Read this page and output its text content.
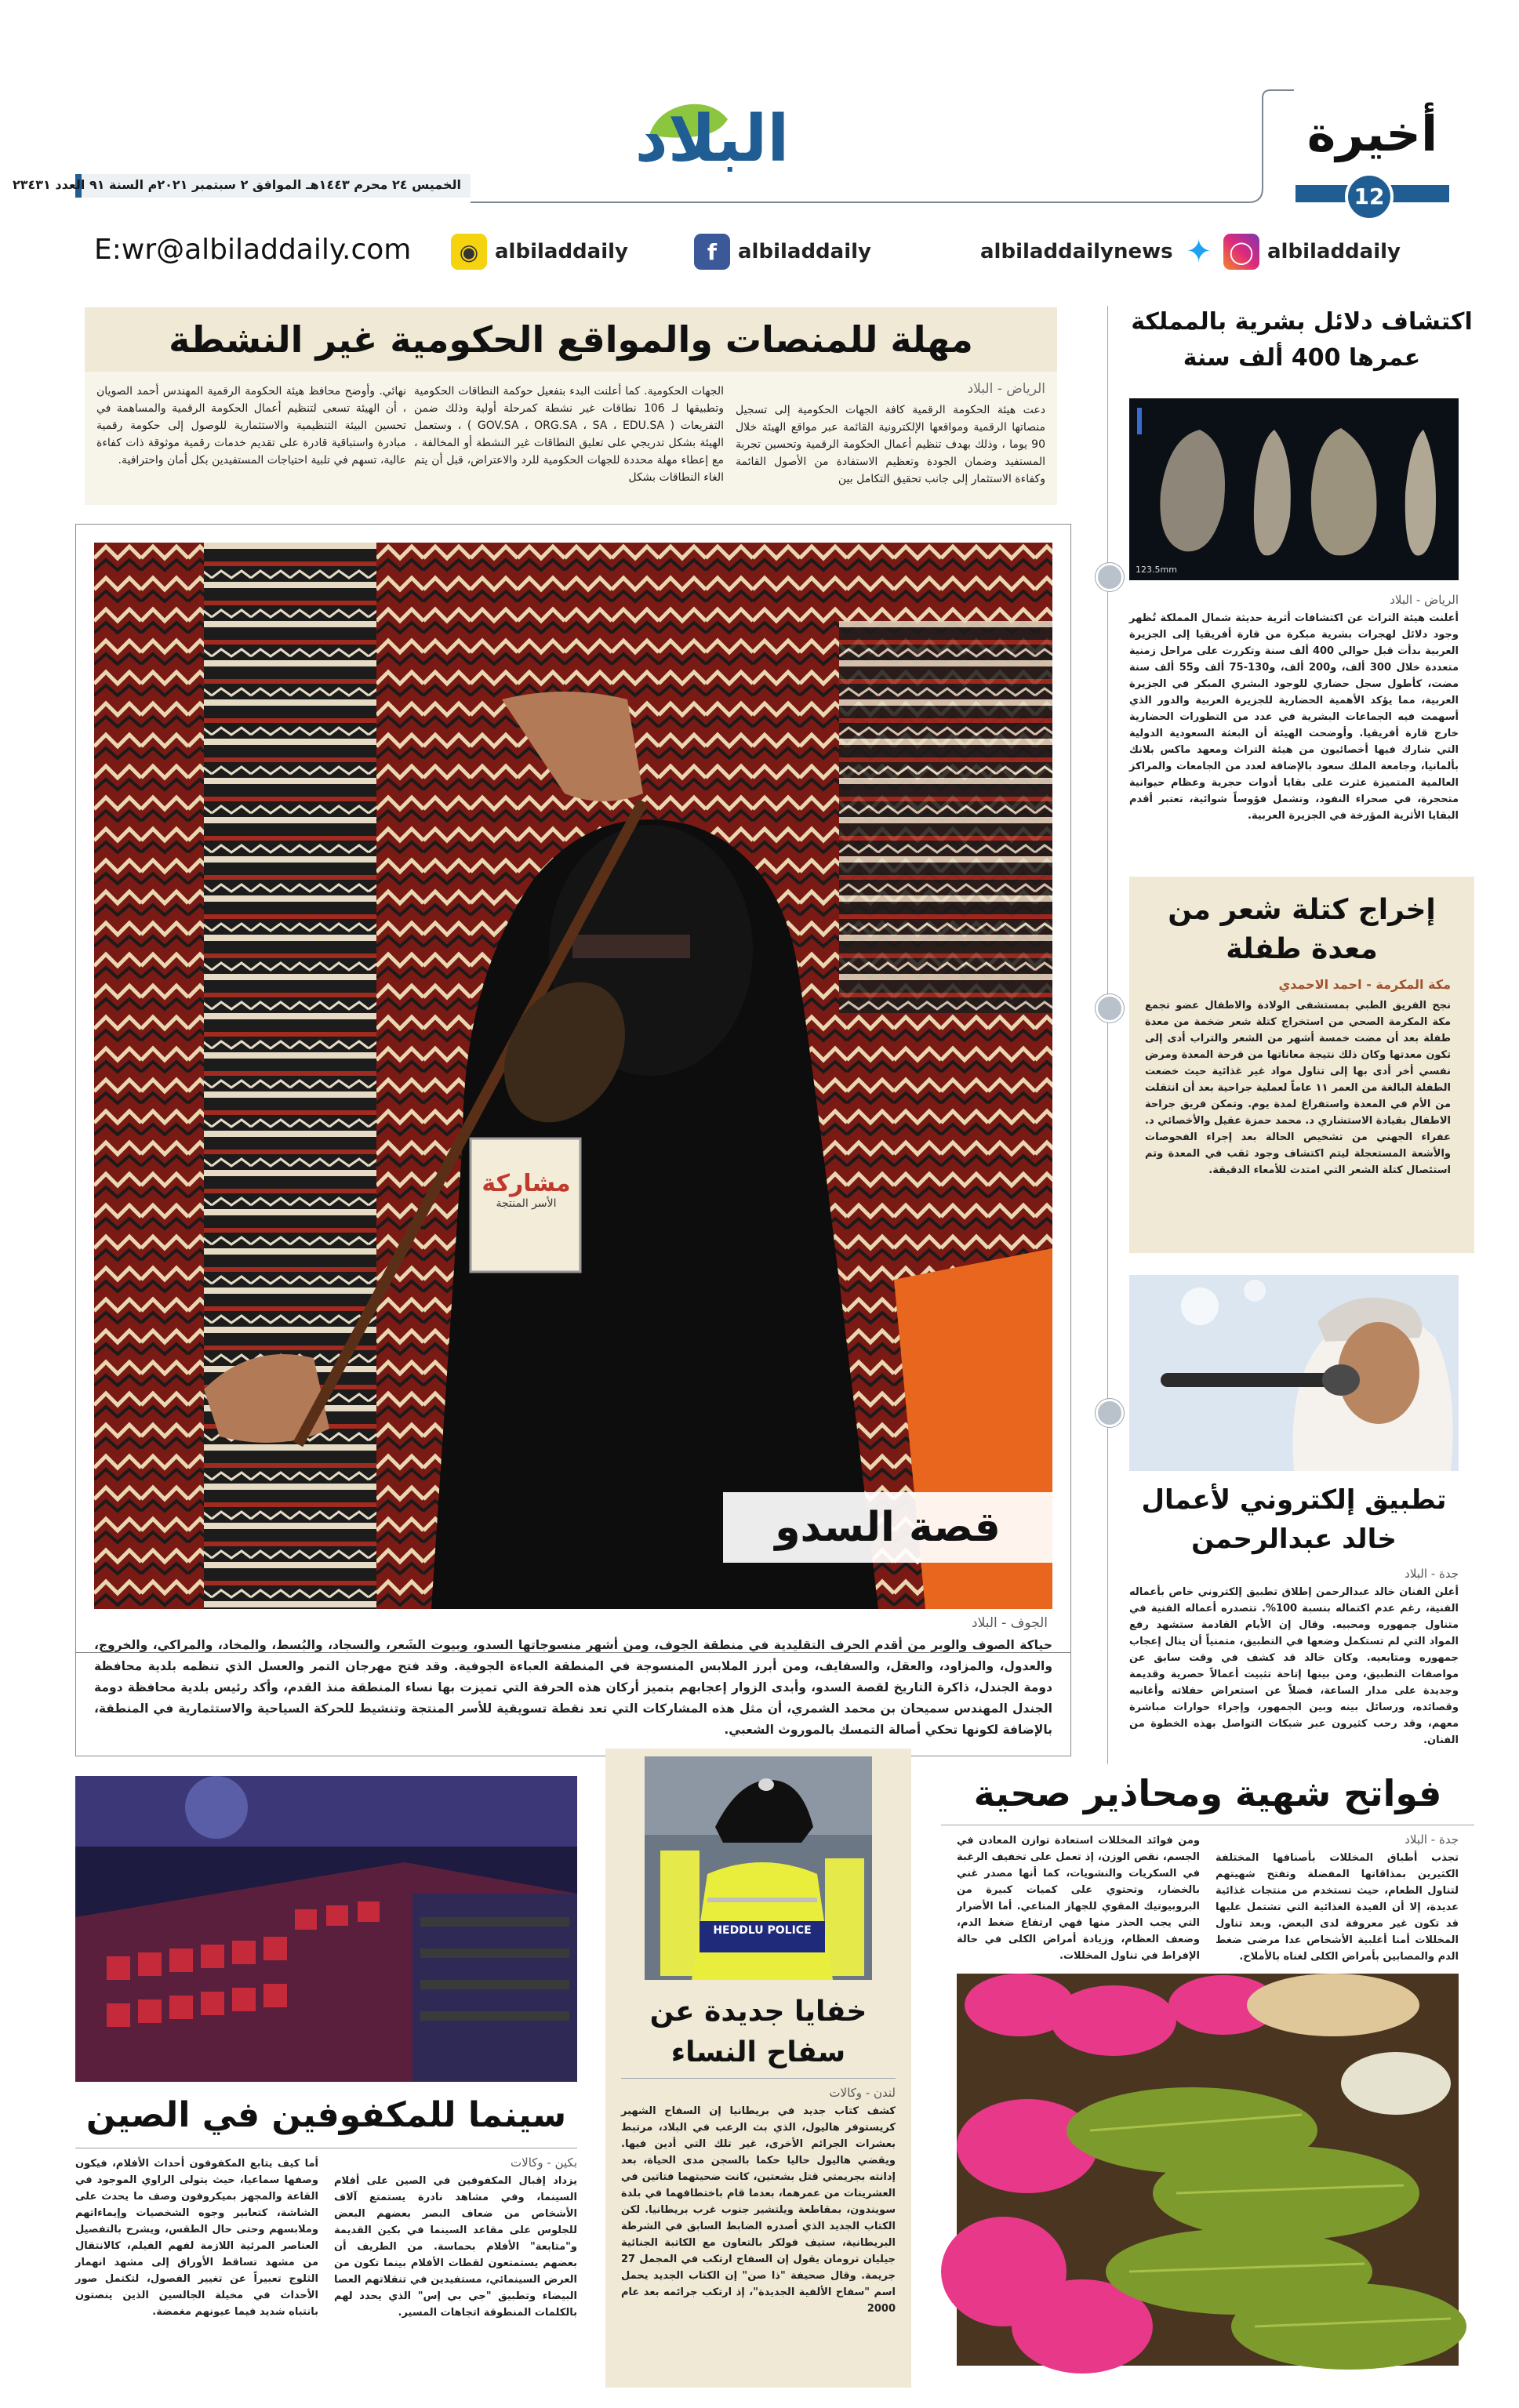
أخيرة
12
البلاد
الخميس ٢٤ محرم ١٤٤٣هـ الموافق ٢ سبتمبر ٢٠٢١م السنة ٩١ العدد ٢٣٤٣١
E:wr@albiladdaily.com	◉ albiladdaily	f	albiladdaily	✦
albiladdailynews	◯ albiladdaily
مهلة للمنصات والمواقع الحكومية غير النشطة
الرياض - البلاد
دعت هيئة الحكومة الرقمية كافة الجهات الحكومية إلى تسجيل منصاتها الرقمية ومواقعها الإلكترونية القائمة عبر مواقع الهيئة خلال 90 يوما ، وذلك بهدف تنظيم أعمال الحكومة الرقمية وتحسين تجربة المستفيد وضمان الجودة وتعظيم الاستفادة من الأصول القائمة وكفاءة الاستثمار إلى جانب تحقيق التكامل بين
الجهات الحكومية. كما أعلنت البدء بتفعيل حوكمة النطاقات الحكومية وتطبيقها لـ 106 نطاقات غير نشطة كمرحلة أولية وذلك ضمن التفريعات ( GOV.SA ، ORG.SA ، SA ، EDU.SA ) ، وستعمل الهيئة بشكل تدريجي على تعليق النطاقات غير النشطة أو المخالفة ، مع إعطاء مهلة محددة للجهات الحكومية للرد والاعتراض، قبل أن يتم الغاء النطاقات بشكل
نهائي. وأوضح محافظ هيئة الحكومة الرقمية المهندس أحمد الصويان ، أن الهيئة تسعى لتنظيم أعمال الحكومة الرقمية والمساهمة في تحسين البيئة التنظيمية والاستثمارية للوصول إلى حكومة رقمية مبادرة واستباقية قادرة على تقديم خدمات رقمية موثوقة ذات كفاءة عالية، تسهم في تلبية احتياجات المستفيدين بكل أمان واحترافية.
مشاركة
الأسر المنتجة
قصة السدو
الجوف - البلاد
حياكة الصوف والوبر من أقدم الحرف التقليدية في منطقة الجوف، ومن أشهر منسوجاتها السدو، وبيوت الشَعر، والسجاد، والبُسط، والمخاد، والمراكي، والخروج، والعدول، والمزاود، والعقل، والسفايف، ومن أبرز الملابس المنسوجة في المنطقة العباءة الجوفية. وقد فتح مهرجان التمر والعسل الذي تنظمه بلدية محافظة دومة الجندل، ذاكرة التاريخ لقصة السدو، وأبدى الزوار إعجابهم بتميز أركان هذه الحرفة التي تميزت بها نساء المنطقة منذ القدم، وأكد رئيس بلدية محافظة دومة الجندل المهندس سميحان بن محمد الشمري، أن مثل هذه المشاركات التي تعد نقطة تسويقية للأسر المنتجة وتنشيط للحركة السياحية والاستثمارية في المنطقة، بالإضافة لكونها تحكي أصالة التمسك بالموروث الشعبي.
اكتشاف دلائل بشرية بالمملكة عمرها 400 ألف سنة
123.5mm
الرياض - البلاد
أعلنت هيئة التراث عن اكتشافات أثرية حديثة شمال المملكة تُظهر وجود دلائل لهجرات بشرية مبكرة من قارة أفريقيا إلى الجزيرة العربية بدأت قبل حوالي 400 ألف سنة وتكررت على مراحل زمنية متعددة خلال 300 ألف، و200 ألف، و130-75 ألف و55 ألف سنة مضت، كأطول سجل حضاري للوجود البشري المبكر في الجزيرة العربية، مما يؤكد الأهمية الحضارية للجزيرة العربية والدور الذي أسهمت فيه الجماعات البشرية في عدد من التطورات الحضارية خارج قارة أفريقيا. وأوضحت الهيئة أن البعثة السعودية الدولية التي شارك فيها أخصائيون من هيئة التراث ومعهد ماكس بلانك بألمانيا، وجامعة الملك سعود بالإضافة لعدد من الجامعات والمراكز العالمية المتميزة عثرت على بقايا أدوات حجرية وعظام حيوانية متحجرة، في صحراء النفود، وتشمل فؤوساً شوائية، تعتبر أقدم البقايا الأثرية المؤرخة في الجزيرة العربية.
إخراج كتلة شعر من معدة طفلة
مكة المكرمة - احمد الاحمدي
نجح الفريق الطبي بمستشفى الولادة والاطفال عضو تجمع مكة المكرمة الصحي من استخراج كتلة شعر ضخمة من معدة طفلة بعد أن مضت خمسة أشهر من الشعر والتراب أدى إلى تكون معدتها وكان ذلك نتيجة معاناتها من قرحة المعدة ومرض نفسي أخر أدى بها إلى تناول مواد غير غذائية حيث خضعت الطفلة البالغة من العمر ١١ عاماً لعملية جراحية بعد أن انتقلت من الأم في المعدة واستفراغ لمدة يوم. وتمكن فريق جراحة الاطفال بقيادة الاستشاري د. محمد حمزة عقيل والأخصائي د. عفراء الجهني من تشخيص الحالة بعد إجراء الفحوصات والأشعة المستعجلة ليتم اكتشاف وجود ثقب في المعدة وتم استئصال كتلة الشعر التي امتدت للأمعاء الدقيقة.
تطبيق إلكتروني لأعمال خالد عبدالرحمن
جدة - البلاد
أعلن الفنان خالد عبدالرحمن إطلاق تطبيق إلكتروني خاص بأعماله الفنية، رغم عدم اكتماله بنسبة 100%. تتصدره أعماله الفنية في متناول جمهوره ومحبيه. وقال إن الأيام القادمة ستشهد رفع المواد التي لم تستكمل وضعها في التطبيق، متمنياً أن ينال إعجاب جمهوره ومتابعيه. وكان خالد قد كشف في وقت سابق عن مواصفات التطبيق، ومن بينها إتاحة تثبيت أعمالاً حصرية وقديمة وجديدة على مدار الساعة، فضلاً عن استعراض حفلاته وأغانيه وقصائده، ورسائل بينه وبين الجمهور، وإجراء حوارات مباشرة معهم، وقد رحب كثيرون عبر شبكات التواصل بهذه الخطوة من الفنان.
سينما للمكفوفين في الصين
بكين - وكالات
يزداد إقبال المكفوفين في الصين على أفلام السينما، وفي مشاهد نادرة يستمتع آلاف الأشخاص من ضعاف البصر بعضهم البعض للجلوس على مقاعد السينما في بكين القديمة و"متابعة" الأفلام بحماسة. من الطريف أن بعضهم يستمتعون لقطات الأفلام بينما تكون من العرض السينمائي، مستفيدين في تنقلاتهم العصا البيضاء وتطبيق "جي بي إس" الذي يحدد لهم بالكلمات المنطوقة اتجاهات المسير.
أما كيف يتابع المكفوفون أحداث الأفلام، فيكون وصفها سماعيا، حيث يتولى الراوي الموجود في القاعة والمجهز بميكروفون وصف ما يحدث على الشاشة، كتعابير وجوه الشخصيات وإيماءاتهم وملابسهم وحتى حال الطقس، ويشرح بالتفصيل العناصر المرئية اللازمة لفهم الفيلم، كالانتقال من مشهد تساقط الأوراق إلى مشهد انهمار الثلوج تعبيراً عن تغيير الفصول، لتكتمل صور الأحداث في مخيلة الجالسين الذين ينصتون بانتباه شديد فيما عيونهم مغمضة.
HEDDLU POLICE
خفايا جديدة عن سفاح النساء
لندن - وكالات
كشف كتاب جديد في بريطانيا إن السفاح الشهير كريستوفر هاليول، الذي بث الرعب في البلاد، مرتبط بعشرات الجرائم الأخرى، غير تلك التي أدين فيها. ويقضي هاليول حاليا حكما بالسجن مدى الحياة، بعد إدانته بجريمتي قتل بشعتين، كانت ضحيتهما فتاتين في العشرينات من عمرهما، بعدما قام باختطافهما في بلدة سويندون، بمقاطعة ويلتشير جنوب غرب بريطانيا. لكن الكتاب الجديد الذي أصدره الضابط السابق في الشرطة البريطانية، ستيف فولكر بالتعاون مع الكاتبة الجنائية جيليان ترومان يقول إن السفاح ارتكب في المجمل 27 جريمة. وقال صحيفة "ذا صن" إن الكتاب الجديد يحمل اسم "سفاح الألفية الجديدة"، إذ ارتكب جرائمه بعد عام 2000
فواتح شهية ومحاذير صحية
جدة - البلاد
تجذب أطباق المخللات بأصنافها المختلفة الكثيرين بمذاقاتها المفضلة وتفتح شهيتهم لتناول الطعام، حيث تستخدم من منتجات غذائية عديدة، إلا أن الفيدة الغذائية التي تشتمل عليها قد تكون غير معروفة لدى البعض. وبعد تناول المخللات أمنا أغلبية الأشخاص عدا مرضى ضغط الدم والمصابين بأمراض الكلى لغناه بالأملاح.
ومن فوائد المخللات استعادة توازن المعادن في الجسم، نقص الوزن، إذ تعمل على تخفيف الرغبة في السكريات والنشويات، كما أنها مصدر غني بالخضار، وتحتوي على كميات كبيرة من البروبيوتيك المقوي للجهاز المناعي. أما الأضرار التي يجب الحذر منها فهي ارتفاع ضغط الدم، وضعف العظام، وزيادة أمراض الكلى في حالة الإفراط في تناول المخللات.
